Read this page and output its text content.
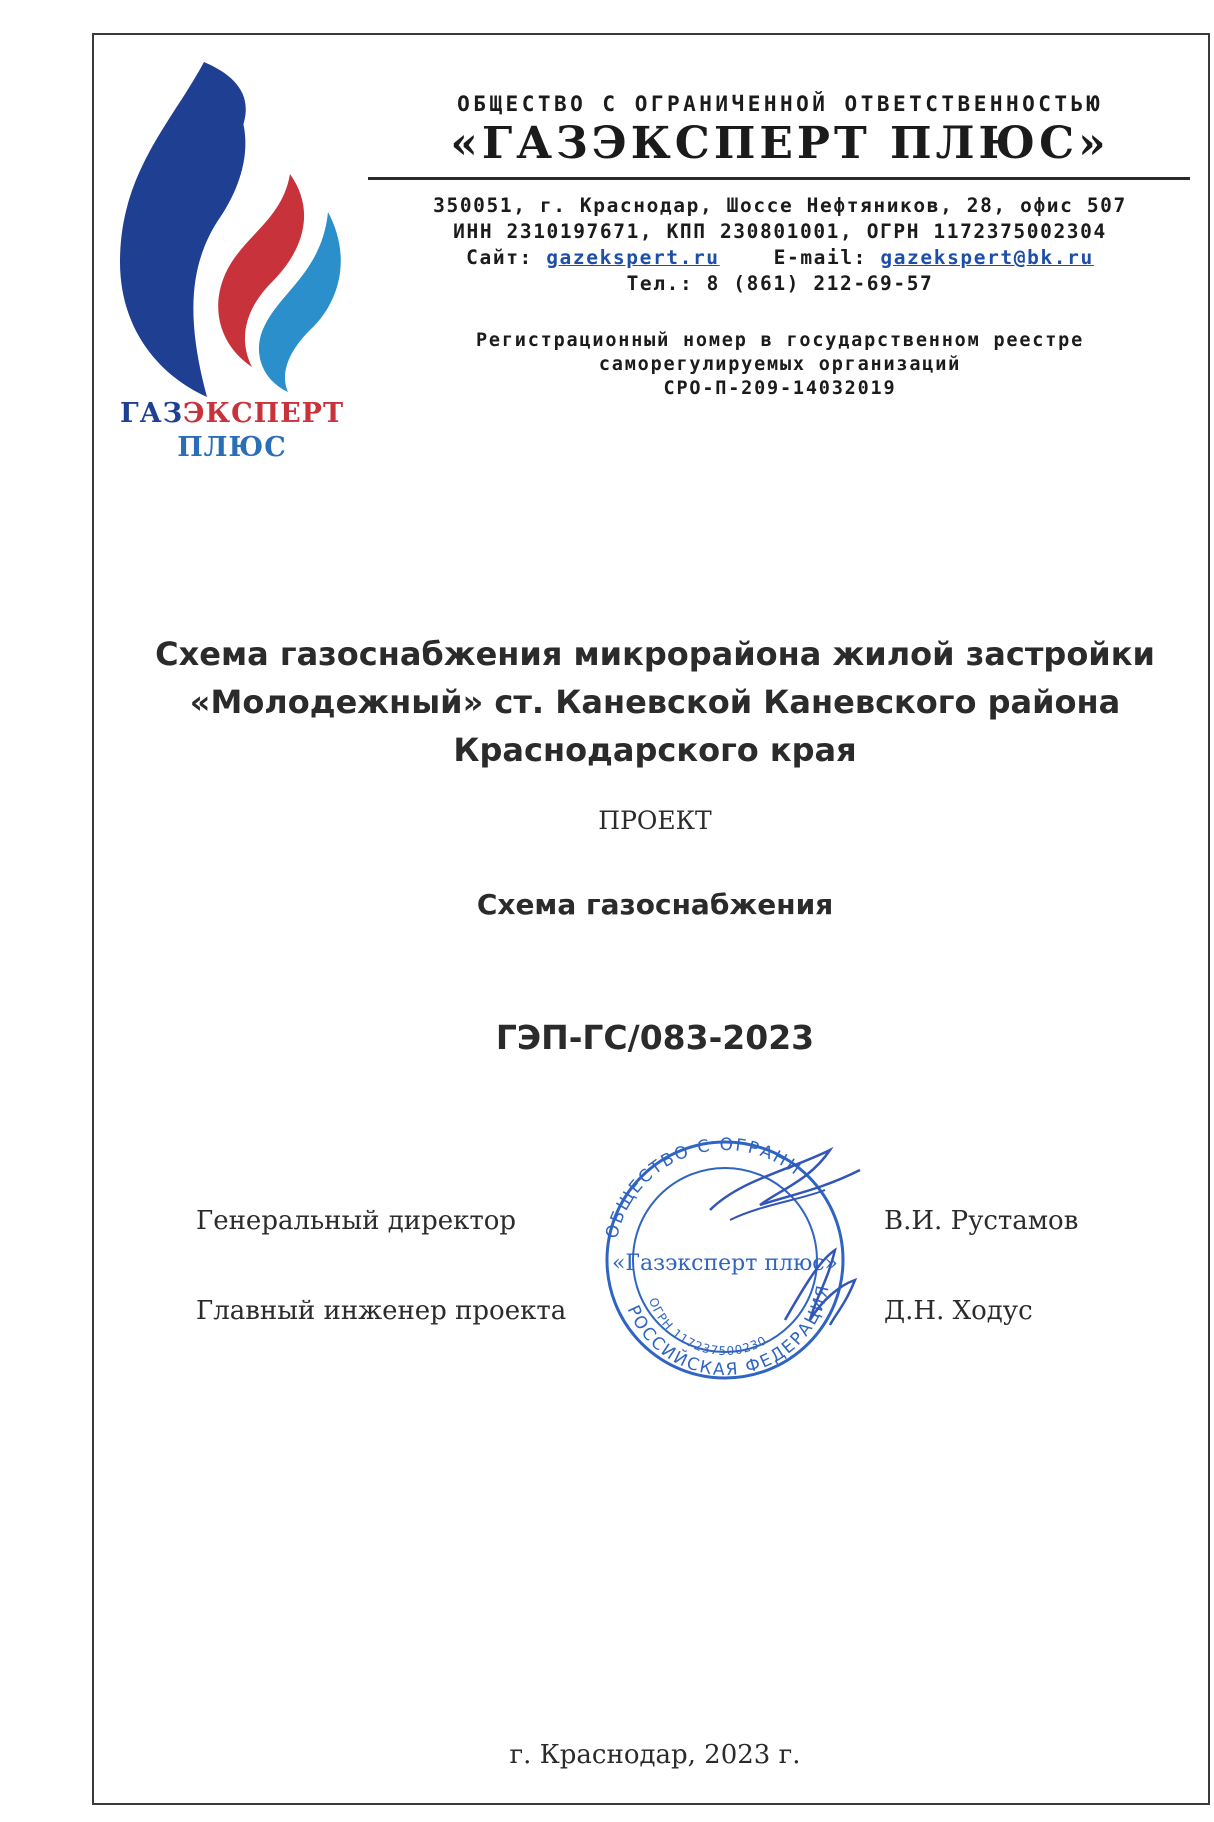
ГАЗЭКСПЕРТ
ПЛЮС
ОБЩЕСТВО С ОГРАНИЧЕННОЙ ОТВЕТСТВЕННОСТЬЮ
«ГАЗЭКСПЕРТ ПЛЮС»
350051, г. Краснодар, Шоссе Нефтяников, 28, офис 507
ИНН 2310197671, КПП 230801001, ОГРН 1172375002304
Сайт: gazekspert.ru	E-mail: gazekspert@bk.ru
Тел.: 8 (861) 212-69-57
Регистрационный номер в государственном реестре
саморегулируемых организаций
СРО-П-209-14032019
Схема газоснабжения микрорайона жилой застройки
«Молодежный» ст. Каневской Каневского района
Краснодарского края
ПРОЕКТ
Схема газоснабжения
ГЭП-ГС/083-2023
ОБЩЕСТВО С ОГРАНИ
РОССИЙСКАЯ ФЕДЕРАЦИЯ
ОГРН 117237500230
«Газэксперт плюс»
Генеральный директор	В.И. Рустамов
Главный инженер проекта	Д.Н. Ходус
г. Краснодар, 2023 г.
